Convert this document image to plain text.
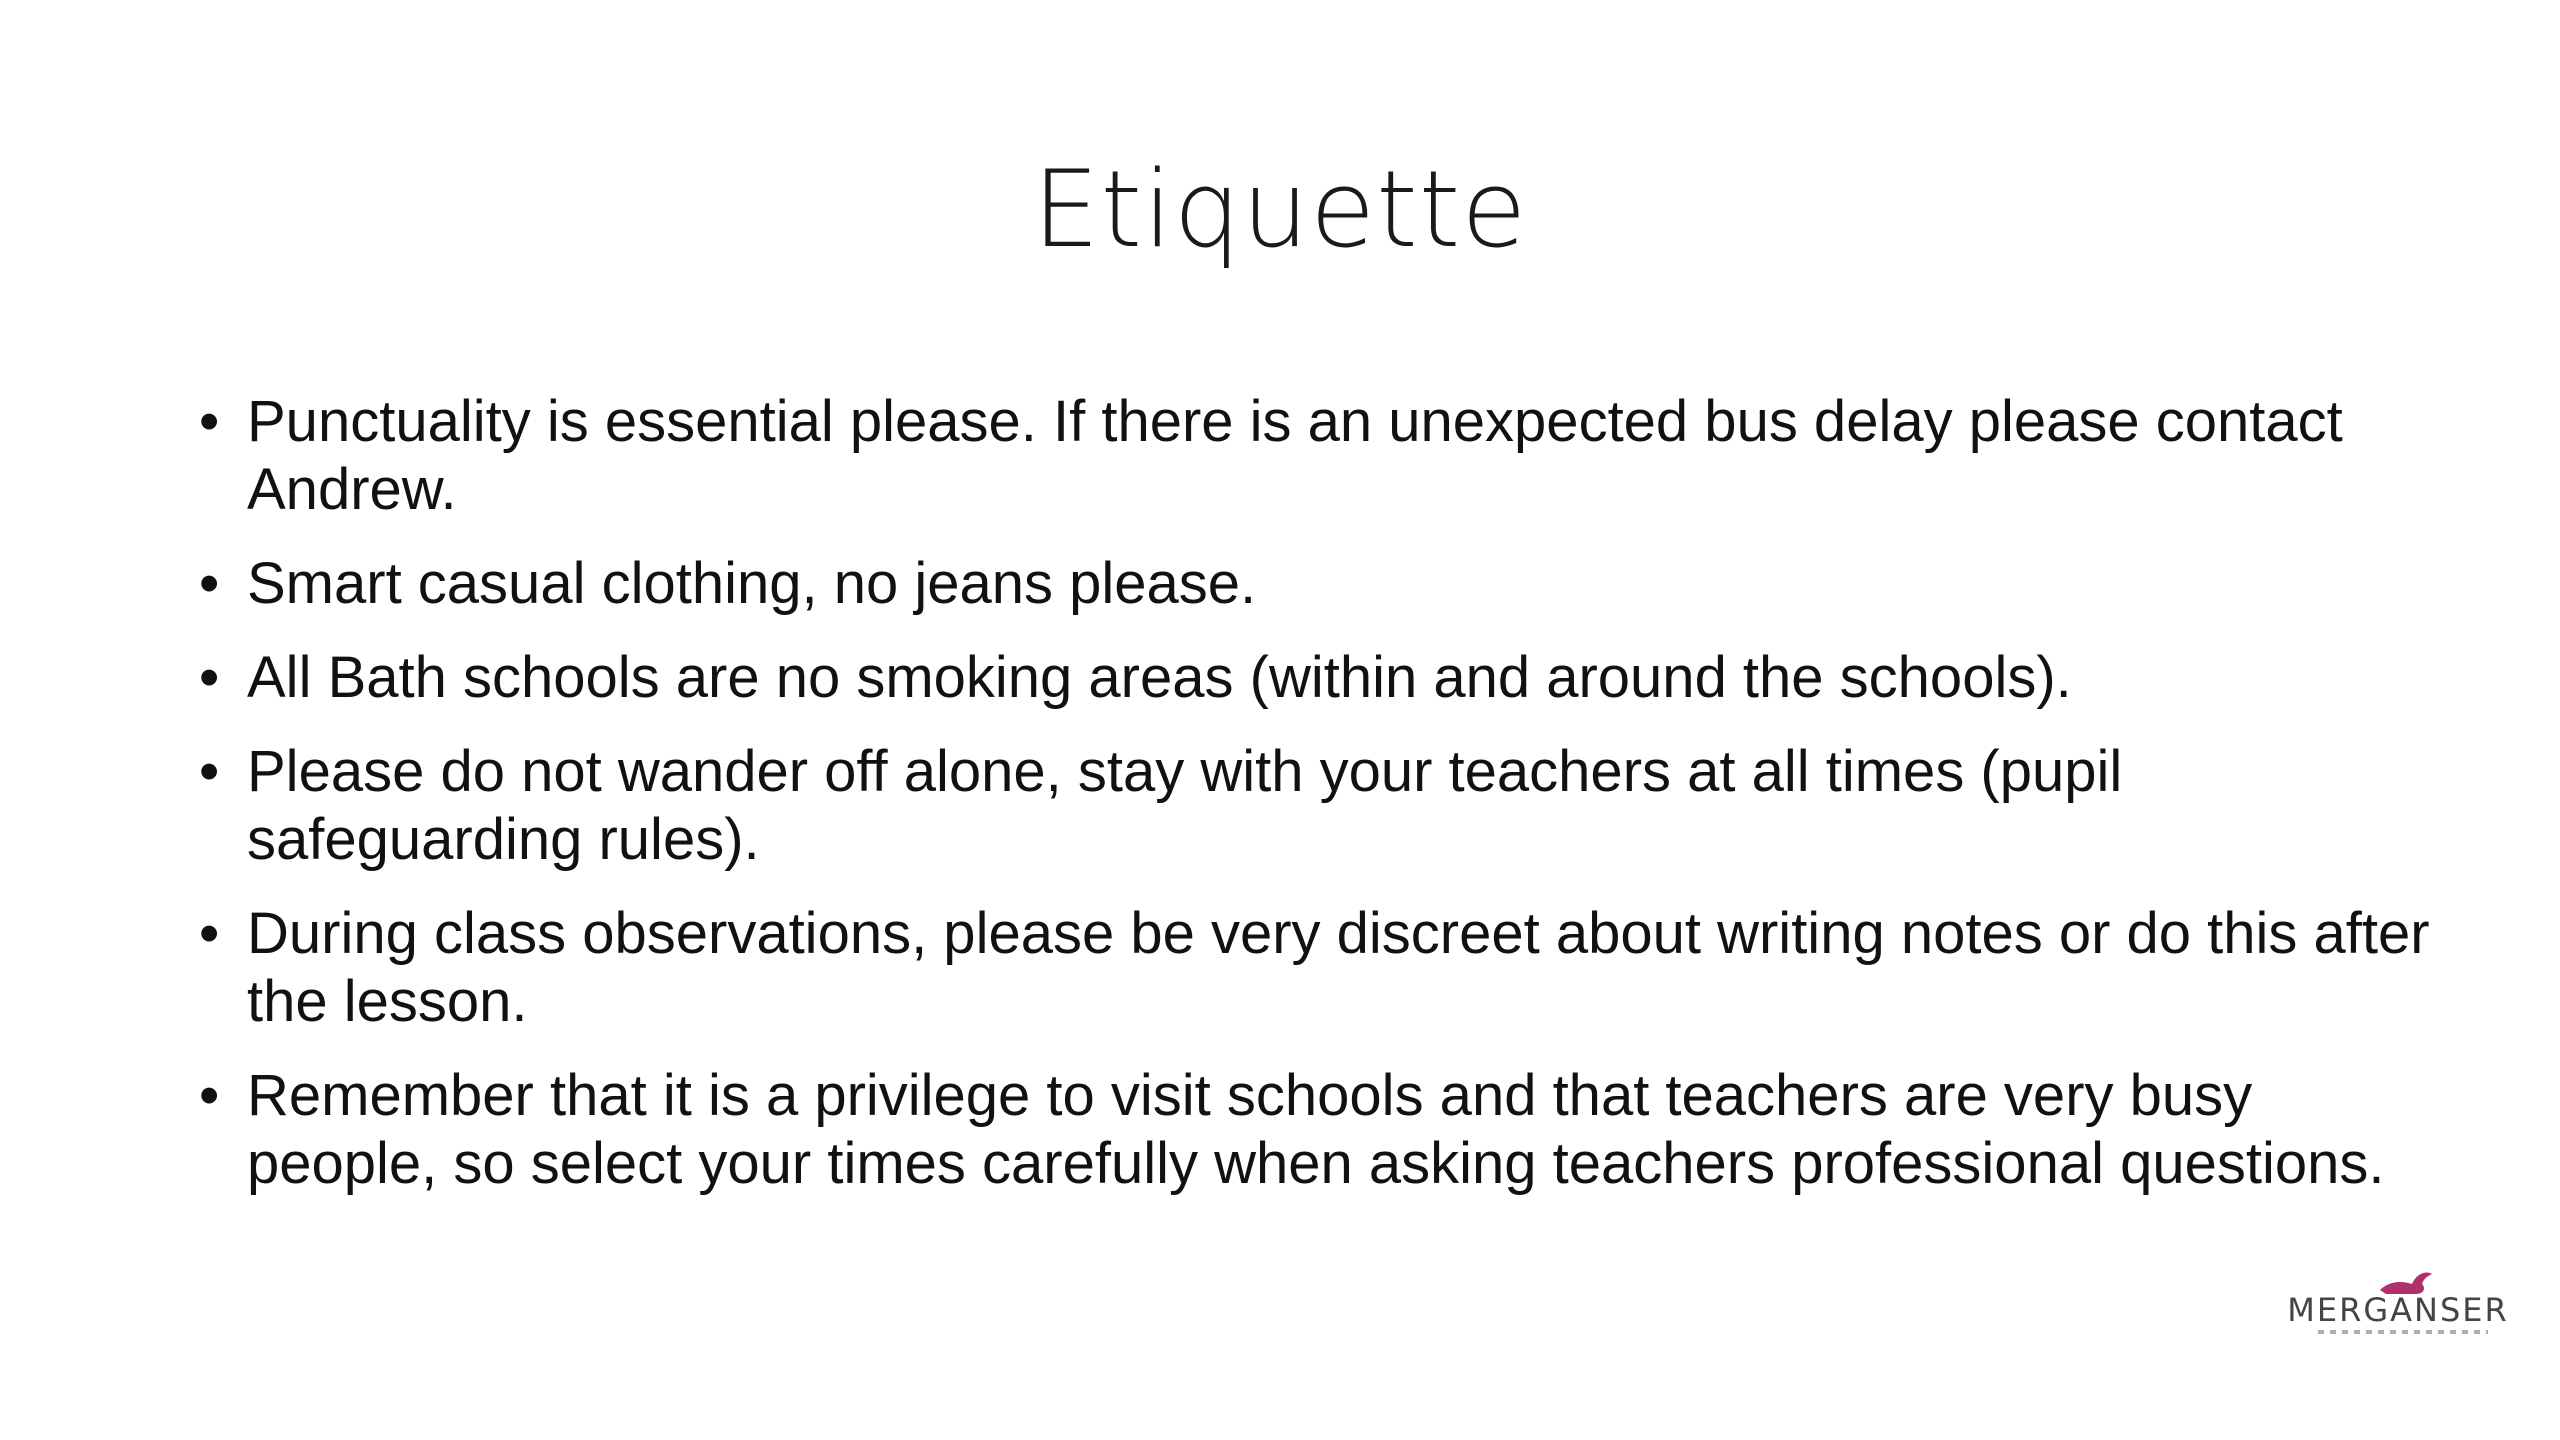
Etiquette
• Punctuality is essential please. If there is an unexpected bus delay please contact Andrew.
• Smart casual clothing, no jeans please.
• All Bath schools are no smoking areas (within and around the schools).
• Please do not wander off alone, stay with your teachers at all times (pupil safeguarding rules).
• During class observations, please be very discreet about writing notes or do this after the lesson.
• Remember that it is a privilege to visit schools and that teachers are very busy people, so select your times carefully when asking teachers professional questions.
MERGANSER
